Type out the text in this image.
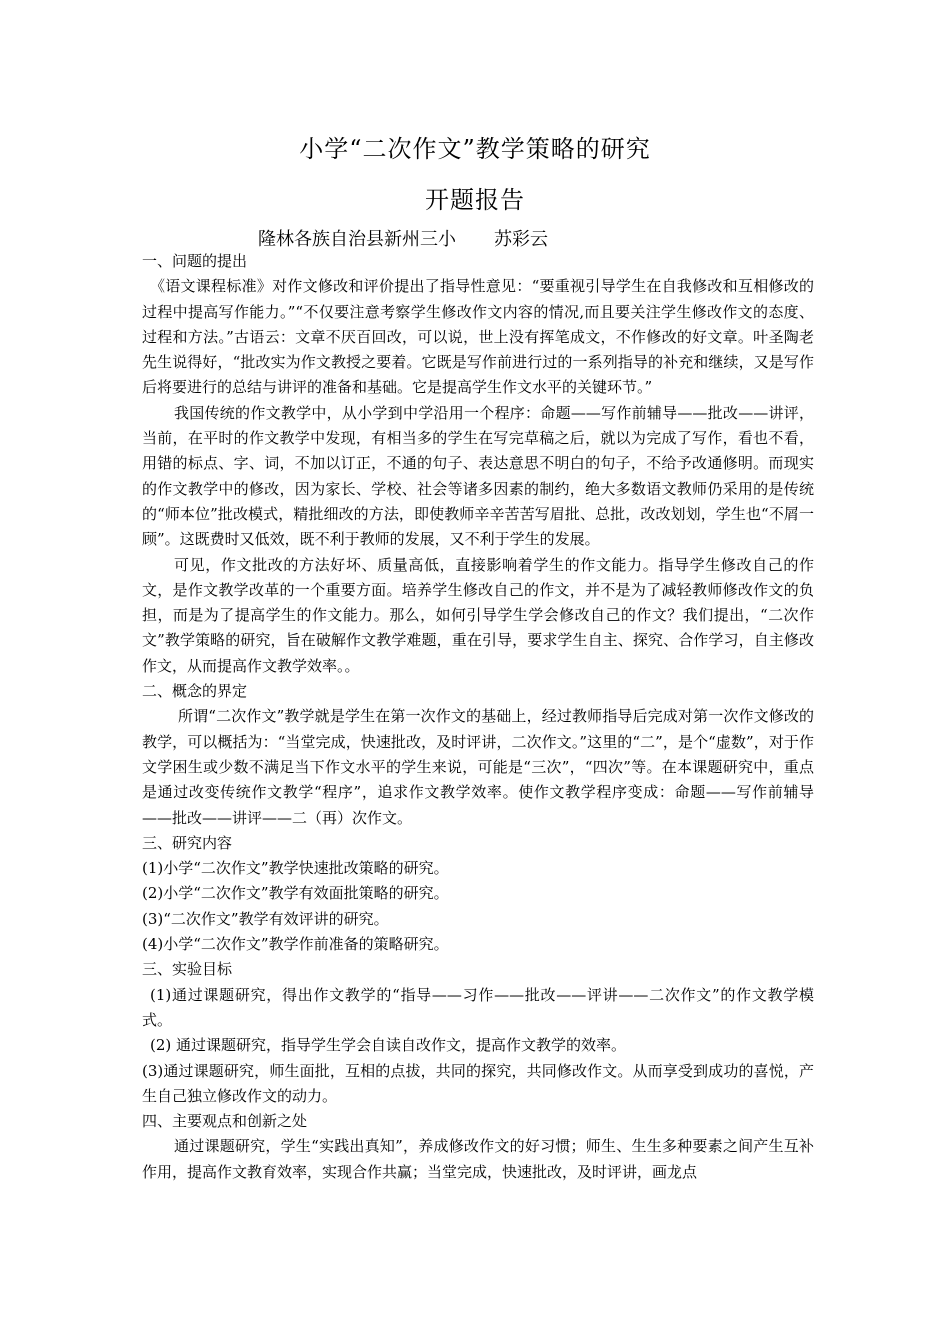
小学“二次作文”教学策略的研究
开题报告
隆林各族自治县新州三小 苏彩云

一、问题的提出

《语文课程标准》对作文修改和评价提出了指导性意见：“要重视引导学生在自我修改和互相修改的过程中提高写作能力。”“不仅要注意考察学生修改作文内容的情况,而且要关注学生修改作文的态度、过程和方法。”古语云：文章不厌百回改，可以说，世上没有挥笔成文，不作修改的好文章。叶圣陶老先生说得好，“批改实为作文教授之要着。它既是写作前进行过的一系列指导的补充和继续，又是写作后将要进行的总结与讲评的准备和基础。它是提高学生作文水平的关键环节。”

我国传统的作文教学中，从小学到中学沿用一个程序：命题——写作前辅导——批改——讲评，当前，在平时的作文教学中发现，有相当多的学生在写完草稿之后，就以为完成了写作，看也不看，用错的标点、字、词，不加以订正，不通的句子、表达意思不明白的句子，不给予改通修明。而现实的作文教学中的修改，因为家长、学校、社会等诸多因素的制约，绝大多数语文教师仍采用的是传统的“师本位”批改模式，精批细改的方法，即使教师辛辛苦苦写眉批、总批，改改划划，学生也“不屑一顾”。这既费时又低效，既不利于教师的发展，又不利于学生的发展。

可见，作文批改的方法好坏、质量高低，直接影响着学生的作文能力。指导学生修改自己的作文，是作文教学改革的一个重要方面。培养学生修改自己的作文，并不是为了减轻教师修改作文的负担，而是为了提高学生的作文能力。那么，如何引导学生学会修改自己的作文？我们提出，“二次作文”教学策略的研究，旨在破解作文教学难题，重在引导，要求学生自主、探究、合作学习，自主修改作文，从而提高作文教学效率。。

二、概念的界定

所谓“二次作文”教学就是学生在第一次作文的基础上，经过教师指导后完成对第一次作文修改的教学，可以概括为：“当堂完成，快速批改，及时评讲，二次作文。”这里的“二”，是个“虚数”，对于作文学困生或少数不满足当下作文水平的学生来说，可能是“三次”，“四次”等。在本课题研究中，重点是通过改变传统作文教学“程序”，追求作文教学效率。使作文教学程序变成：命题——写作前辅导——批改——讲评——二（再）次作文。

三、研究内容

(1)小学“二次作文”教学快速批改策略的研究。

(2)小学“二次作文”教学有效面批策略的研究。

(3)“二次作文”教学有效评讲的研究。

(4)小学“二次作文”教学作前准备的策略研究。

三、实验目标

(1)通过课题研究，得出作文教学的“指导——习作——批改——评讲——二次作文”的作文教学模式。

(2) 通过课题研究，指导学生学会自读自改作文，提高作文教学的效率。

(3)通过课题研究，师生面批，互相的点拔，共同的探究，共同修改作文。从而享受到成功的喜悦，产生自己独立修改作文的动力。

四、主要观点和创新之处

通过课题研究，学生“实践出真知”，养成修改作文的好习惯；师生、生生多种要素之间产生互补作用，提高作文教育效率，实现合作共赢；当堂完成，快速批改，及时评讲，画龙点
